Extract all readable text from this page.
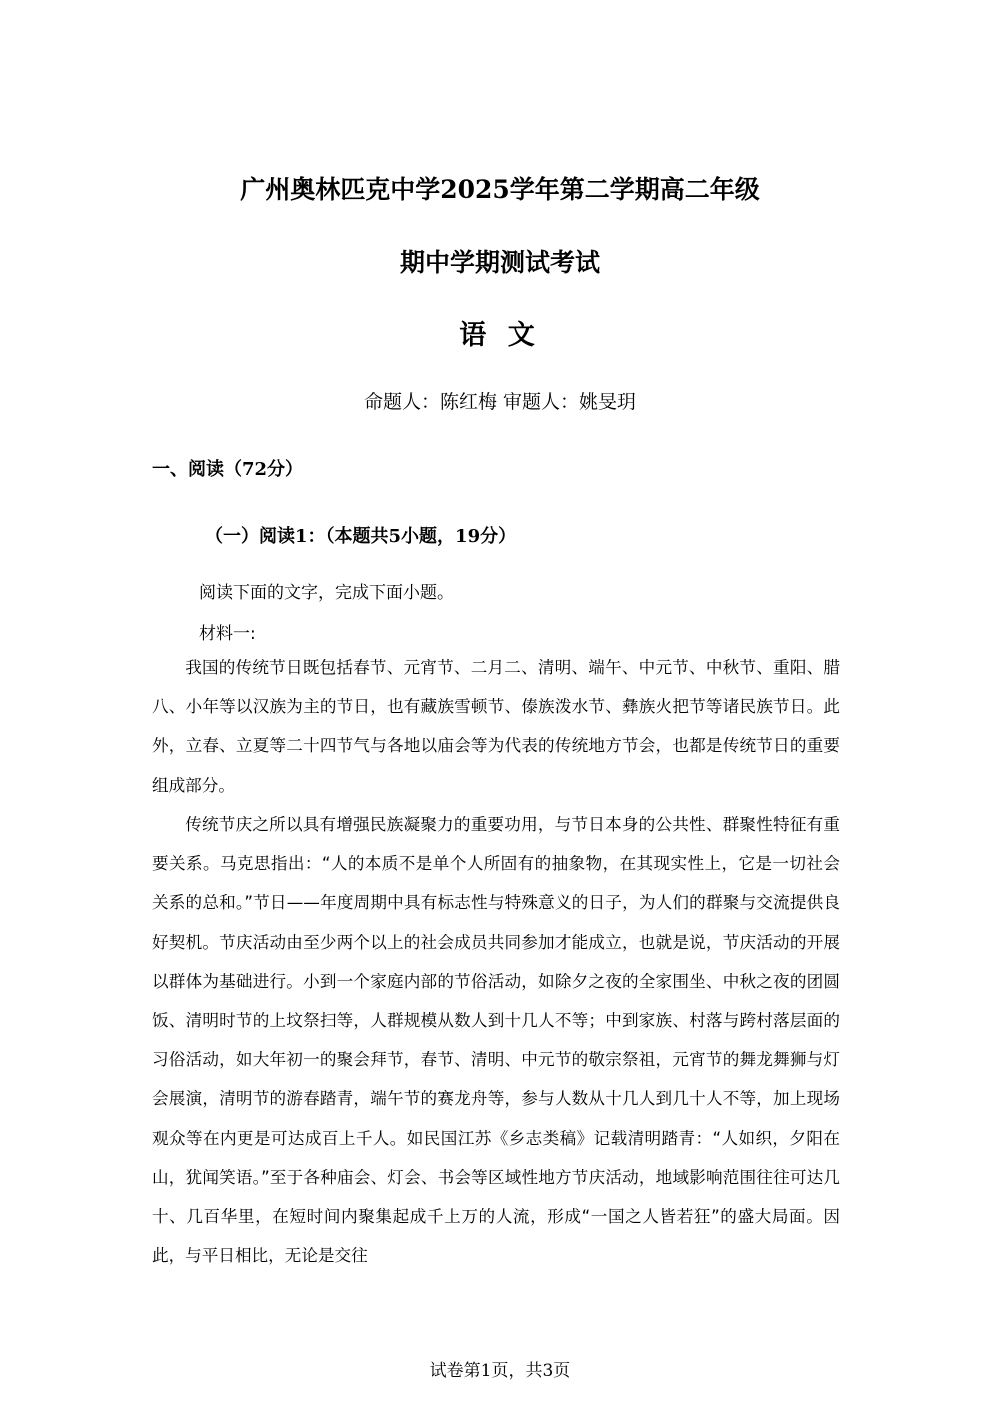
广州奥林匹克中学2025学年第二学期高二年级
期中学期测试考试
语 文
命题人：陈红梅 审题人：姚旻玥
一、阅读（72分）
（一）阅读1：（本题共5小题，19分）
阅读下面的文字，完成下面小题。
材料一:

我国的传统节日既包括春节、元宵节、二月二、清明、端午、中元节、中秋节、重阳、腊八、小年等以汉族为主的节日，也有藏族雪顿节、傣族泼水节、彝族火把节等诸民族节日。此外，立春、立夏等二十四节气与各地以庙会等为代表的传统地方节会，也都是传统节日的重要组成部分。

传统节庆之所以具有增强民族凝聚力的重要功用，与节日本身的公共性、群聚性特征有重要关系。马克思指出：“人的本质不是单个人所固有的抽象物，在其现实性上，它是一切社会关系的总和。”节日——年度周期中具有标志性与特殊意义的日子，为人们的群聚与交流提供良好契机。节庆活动由至少两个以上的社会成员共同参加才能成立，也就是说，节庆活动的开展以群体为基础进行。小到一个家庭内部的节俗活动，如除夕之夜的全家围坐、中秋之夜的团圆饭、清明时节的上坟祭扫等，人群规模从数人到十几人不等；中到家族、村落与跨村落层面的习俗活动，如大年初一的聚会拜节，春节、清明、中元节的敬宗祭祖，元宵节的舞龙舞狮与灯会展演，清明节的游春踏青，端午节的赛龙舟等，参与人数从十几人到几十人不等，加上现场观众等在内更是可达成百上千人。如民国江苏《乡志类稿》记载清明踏青：“人如织，夕阳在山，犹闻笑语。”至于各种庙会、灯会、书会等区域性地方节庆活动，地域影响范围往往可达几十、几百华里，在短时间内聚集起成千上万的人流，形成“一国之人皆若狂”的盛大局面。因此，与平日相比，无论是交往

试卷第1页，共3页
